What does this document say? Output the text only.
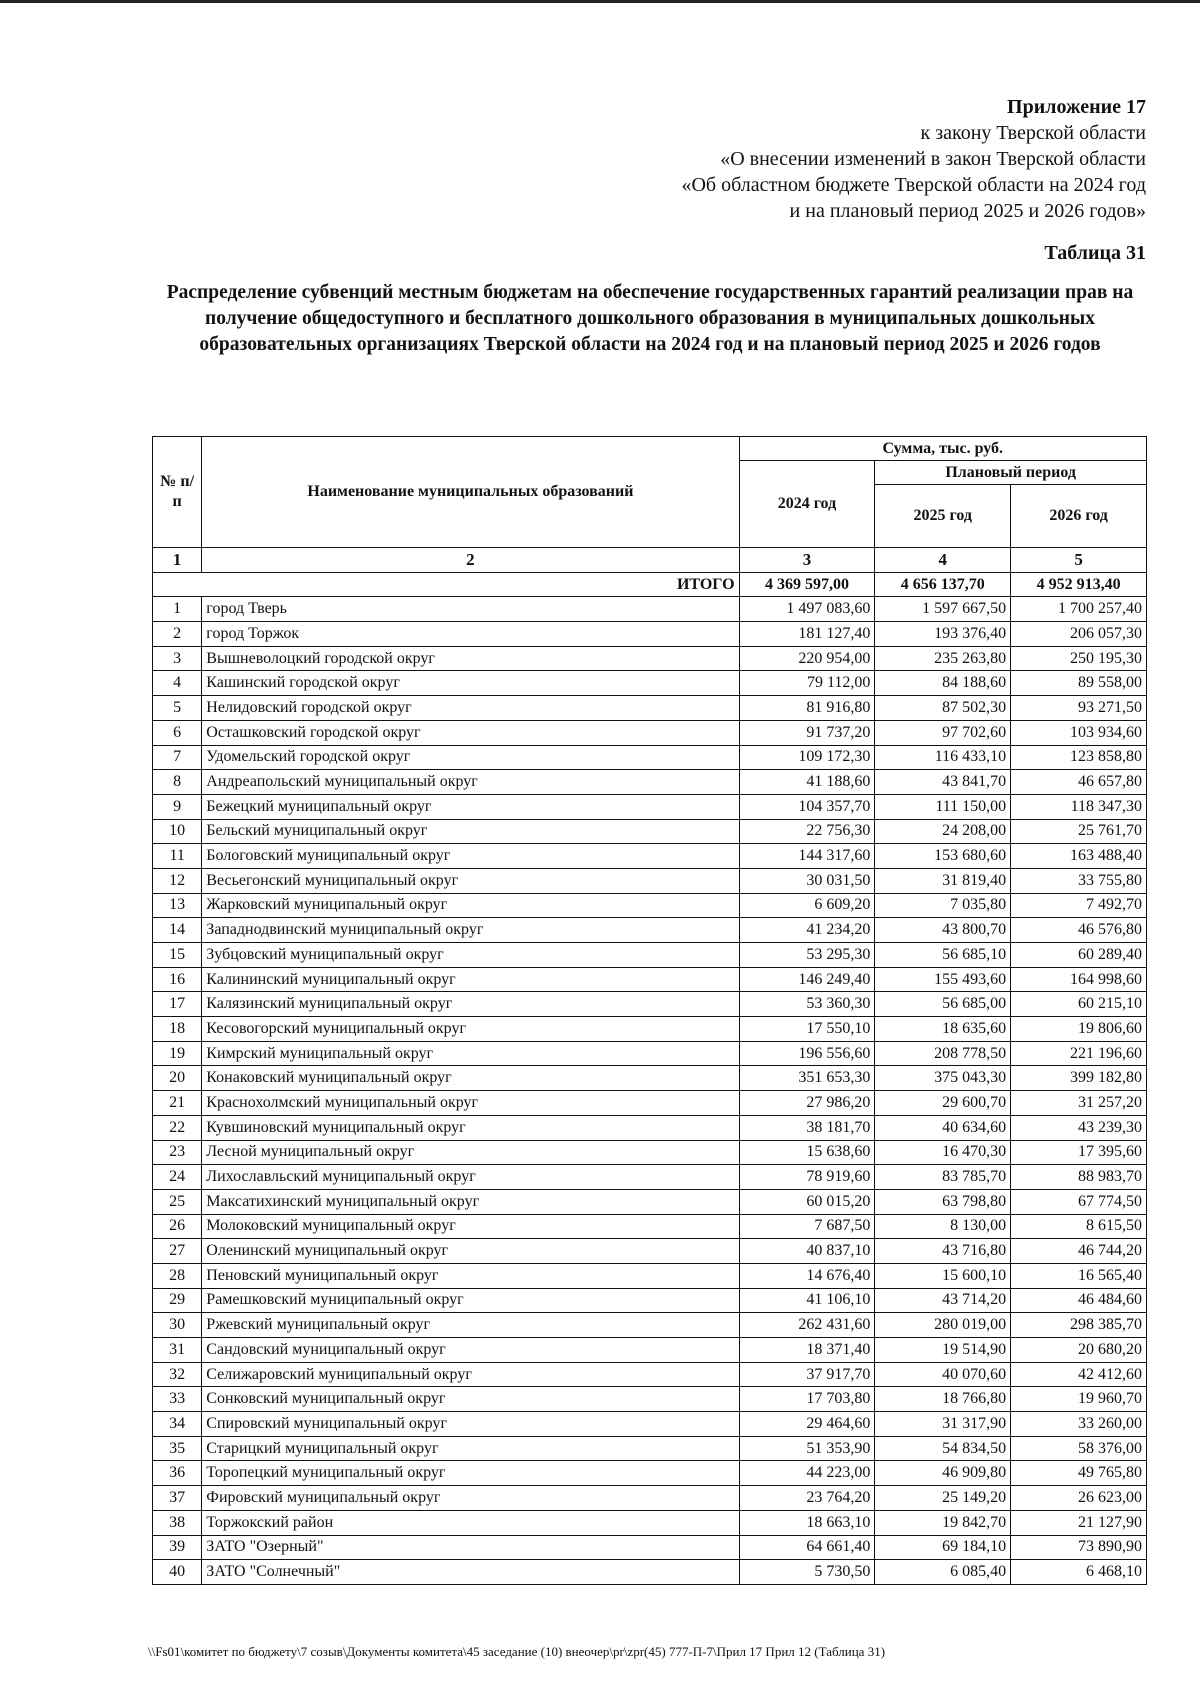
Приложение 17
к закону Тверской области
«О внесении изменений в закон Тверской области
«Об областном бюджете Тверской области на 2024 год
и на плановый период 2025 и 2026 годов»
Таблица 31
Распределение субвенций местным бюджетам на обеспечение государственных гарантий реализации прав на получение общедоступного и бесплатного дошкольного образования в муниципальных дошкольных образовательных организациях Тверской области на 2024 год и на плановый период 2025 и 2026 годов
№ п/п	Наименование муниципальных образований	Сумма, тыс. руб.		
		2024 год	Плановый период	
			2025 год	2026 год
1	2	3	4	5
ИТОГО		4 369 597,00	4 656 137,70	4 952 913,40
1	город Тверь	1 497 083,60	1 597 667,50	1 700 257,40
2	город Торжок	181 127,40	193 376,40	206 057,30
3	Вышневолоцкий городской округ	220 954,00	235 263,80	250 195,30
4	Кашинский городской округ	79 112,00	84 188,60	89 558,00
5	Нелидовский городской округ	81 916,80	87 502,30	93 271,50
6	Осташковский городской округ	91 737,20	97 702,60	103 934,60
7	Удомельский городской округ	109 172,30	116 433,10	123 858,80
8	Андреапольский муниципальный округ	41 188,60	43 841,70	46 657,80
9	Бежецкий муниципальный округ	104 357,70	111 150,00	118 347,30
10	Бельский муниципальный округ	22 756,30	24 208,00	25 761,70
11	Бологовский муниципальный округ	144 317,60	153 680,60	163 488,40
12	Весьегонский муниципальный округ	30 031,50	31 819,40	33 755,80
13	Жарковский муниципальный округ	6 609,20	7 035,80	7 492,70
14	Западнодвинский муниципальный округ	41 234,20	43 800,70	46 576,80
15	Зубцовский муниципальный округ	53 295,30	56 685,10	60 289,40
16	Калининский муниципальный округ	146 249,40	155 493,60	164 998,60
17	Калязинский муниципальный округ	53 360,30	56 685,00	60 215,10
18	Кесовогорский муниципальный округ	17 550,10	18 635,60	19 806,60
19	Кимрский муниципальный округ	196 556,60	208 778,50	221 196,60
20	Конаковский муниципальный округ	351 653,30	375 043,30	399 182,80
21	Краснохолмский муниципальный округ	27 986,20	29 600,70	31 257,20
22	Кувшиновский муниципальный округ	38 181,70	40 634,60	43 239,30
23	Лесной муниципальный округ	15 638,60	16 470,30	17 395,60
24	Лихославльский муниципальный округ	78 919,60	83 785,70	88 983,70
25	Максатихинский муниципальный округ	60 015,20	63 798,80	67 774,50
26	Молоковский муниципальный округ	7 687,50	8 130,00	8 615,50
27	Оленинский муниципальный округ	40 837,10	43 716,80	46 744,20
28	Пеновский муниципальный округ	14 676,40	15 600,10	16 565,40
29	Рамешковский муниципальный округ	41 106,10	43 714,20	46 484,60
30	Ржевский муниципальный округ	262 431,60	280 019,00	298 385,70
31	Сандовский муниципальный округ	18 371,40	19 514,90	20 680,20
32	Селижаровский муниципальный округ	37 917,70	40 070,60	42 412,60
33	Сонковский муниципальный округ	17 703,80	18 766,80	19 960,70
34	Спировский муниципальный округ	29 464,60	31 317,90	33 260,00
35	Старицкий муниципальный округ	51 353,90	54 834,50	58 376,00
36	Торопецкий муниципальный округ	44 223,00	46 909,80	49 765,80
37	Фировский муниципальный округ	23 764,20	25 149,20	26 623,00
38	Торжокский район	18 663,10	19 842,70	21 127,90
39	ЗАТО "Озерный"	64 661,40	69 184,10	73 890,90
40	ЗАТО "Солнечный"	5 730,50	6 085,40	6 468,10
\\Fs01\комитет по бюджету\7 созыв\Документы комитета\45 заседание (10) внеочер\pr\zpr(45) 777-П-7\Прил 17 Прил 12 (Таблица 31)
